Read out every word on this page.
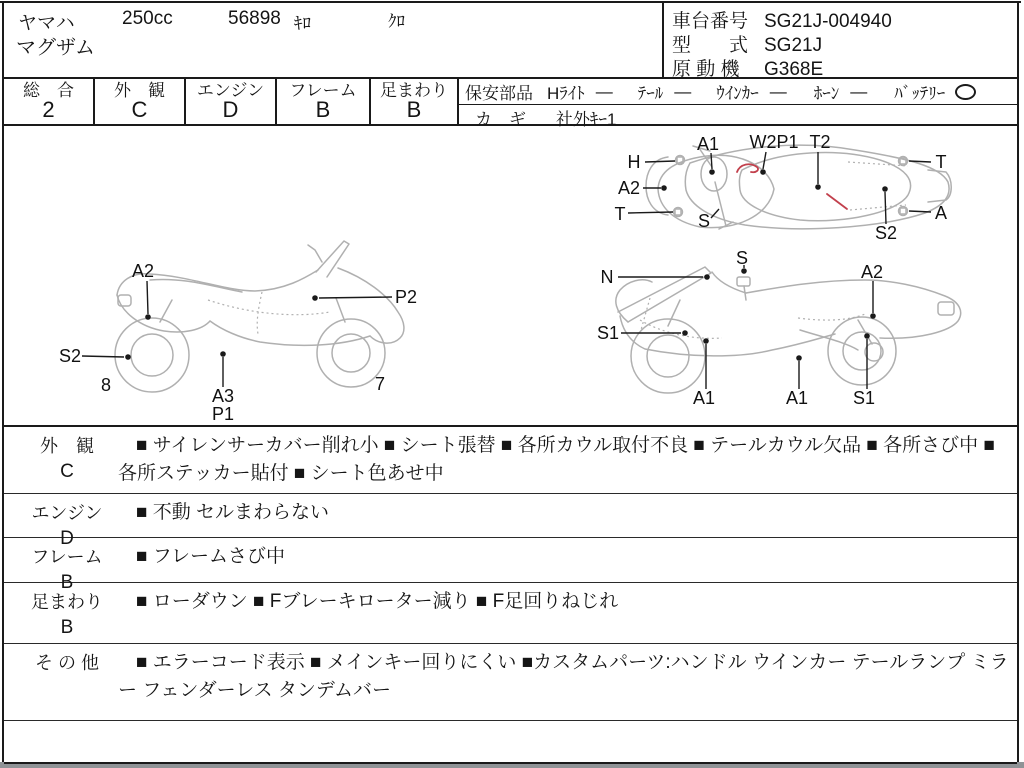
ヤマハ 250cc	56898 ｷﾛ	ｸﾛ
マグザム
車台番号 SG21J-004940
型　　式 SG21J
原 動 機 G368E
総　合
2
外　観
C
エンジン
D
フレーム
B
足まわり
B
保安部品 Hﾗｲﾄ — ﾃｰﾙ — ｳｲﾝｶｰ — ﾎｰﾝ — ﾊﾞｯﾃﾘｰ
カ　ギ 社外ｷｰ1
A1 W2P1 T2
H
A2
T	S
T
A
S2
A2
P2
S2
8	7
A3
P1
S
N	A2
S1
A1	A1 S1
外　観
C
■ サイレンサーカバー削れ小 ■ シート張替 ■ 各所カウル取付不良 ■ テールカウル欠品 ■ 各所さび中 ■ 各所ステッカー貼付 ■ シート色あせ中
エンジン
D
■ 不動 セルまわらない
フレーム
B
■ フレームさび中
足まわり
B
■ ローダウン ■ Fブレーキローター減り ■ F足回りねじれ
そ の 他	■ エラーコード表示 ■ メインキー回りにくい ■カスタムパーツ:ハンドル ウインカー テールランプ ミラー フェンダーレス タンデムバー
